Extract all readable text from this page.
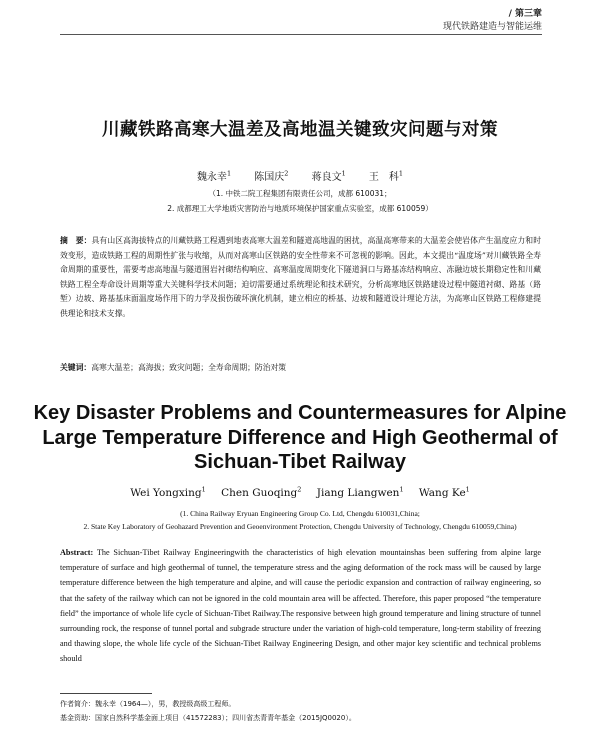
/ 第三章
现代铁路建造与智能运维
川藏铁路高寒大温差及高地温关键致灾问题与对策
魏永幸$^1$ 陈国庆$^2$ 蒋良文$^1$ 王　科$^1$
（1. 中铁二院工程集团有限责任公司，成都 610031；
2. 成都理工大学地质灾害防治与地质环境保护国家重点实验室，成都 610059）
摘　要：具有山区高海拔特点的川藏铁路工程遇到地表高寒大温差和隧道高地温的困扰，高温高寒带来的大温差会使岩体产生温度应力和时效变形，造成铁路工程的周期性扩张与收缩，从而对高寒山区铁路的安全性带来不可忽视的影响。因此，本文提出“温度场”对川藏铁路全寿命周期的重要性，需要考虑高地温与隧道围岩衬砌结构响应、高寒温度周期变化下隧道洞口与路基冻结构响应、冻融边坡长期稳定性和川藏铁路工程全寿命设计周期等重大关键科学技术问题；迫切需要通过系统理论和技术研究，分析高寒地区铁路建设过程中隧道衬砌、路基（路堑）边坡、路基基床面温度场作用下的力学及损伤破坏演化机制，建立相应的桥基、边坡和隧道设计理论方法，为高寒山区铁路工程修建提供理论和技术支撑。
关键词：高寒大温差；高海拔；致灾问题；全寿命周期；防治对策
Key Disaster Problems and Countermeasures for Alpine
Large Temperature Difference and High Geothermal of
Sichuan-Tibet Railway
Wei Yongxing$^1$ Chen Guoqing$^2$ Jiang Liangwen$^1$ Wang Ke$^1$
(1. China Railway Eryuan Engineering Group Co. Ltd, Chengdu 610031,China;
2. State Key Laboratory of Geohazard Prevention and Geoenvironment Protection, Chengdu University of Technology, Chengdu 610059,China)
Abstract: The Sichuan-Tibet Railway Engineeringwith the characteristics of high elevation mountainshas been suffering from alpine large temperature of surface and high geothermal of tunnel, the temperature stress and the aging deformation of the rock mass will be caused by large temperature difference between the high temperature and alpine, and will cause the periodic expansion and contraction of railway engineering, so that the safety of the railway which can not be ignored in the cold mountain area will be affected. Therefore, this paper proposed “the temperature field” the importance of whole life cycle of Sichuan-Tibet Railway.The responsive between high ground temperature and lining structure of tunnel surrounding rock, the response of tunnel portal and subgrade structure under the variation of high-cold temperature, long-term stability of freezing and thawing slope, the whole life cycle of the Sichuan-Tibet Railway Engineering Design, and other major key scientific and technical problems should
作者简介：魏永幸（1964—），男，教授级高级工程师。
基金资助：国家自然科学基金面上项目（41572283）；四川省杰青青年基金（2015JQ0020）。
